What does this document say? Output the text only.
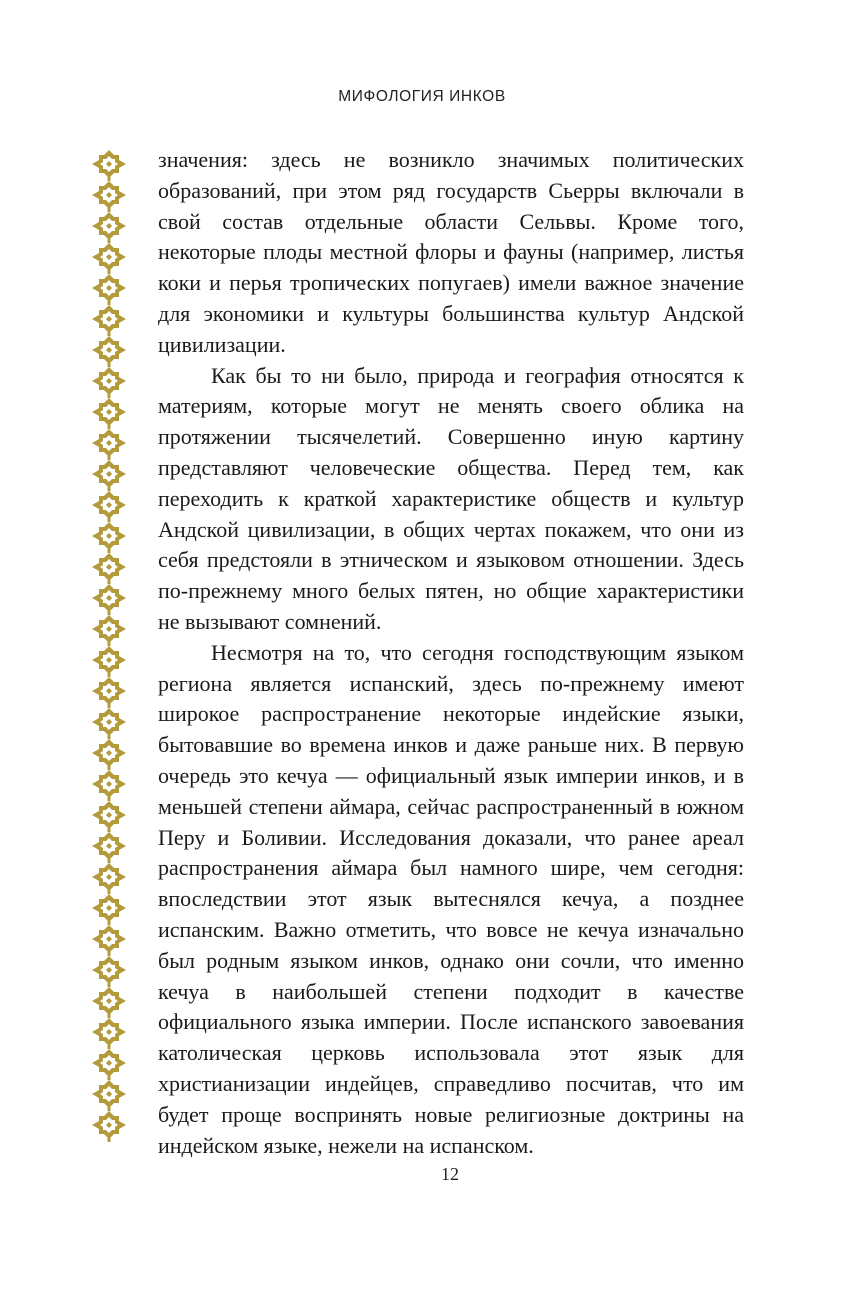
МИФОЛОГИЯ ИНКОВ

значения: здесь не возникло значимых политических образований, при этом ряд государств Сьерры включали в свой состав отдельные области Сельвы. Кроме того, некоторые плоды местной флоры и фауны (например, листья коки и перья тропических попугаев) имели важное значение для экономики и культуры большинства культур Андской цивилизации.

Как бы то ни было, природа и география относятся к материям, которые могут не менять своего облика на протяжении тысячелетий. Совершенно иную картину представляют человеческие общества. Перед тем, как переходить к краткой характеристике обществ и культур Андской цивилизации, в общих чертах покажем, что они из себя предстояли в этническом и языковом отношении. Здесь по-прежнему много белых пятен, но общие характеристики не вызывают сомнений.

Несмотря на то, что сегодня господствующим языком региона является испанский, здесь по-прежнему имеют широкое распространение некоторые индейские языки, бытовавшие во времена инков и даже раньше них. В первую очередь это кечуа — официальный язык империи инков, и в меньшей степени аймара, сейчас распространенный в южном Перу и Боливии. Исследования доказали, что ранее ареал распространения аймара был намного шире, чем сегодня: впоследствии этот язык вытеснялся кечуа, а позднее испанским. Важно отметить, что вовсе не кечуа изначально был родным языком инков, однако они сочли, что именно кечуа в наибольшей степени подходит в качестве официального языка империи. После испанского завоевания католическая церковь использовала этот язык для христианизации индейцев, справедливо посчитав, что им будет проще воспринять новые религиозные доктрины на индейском языке, нежели на испанском.

12
